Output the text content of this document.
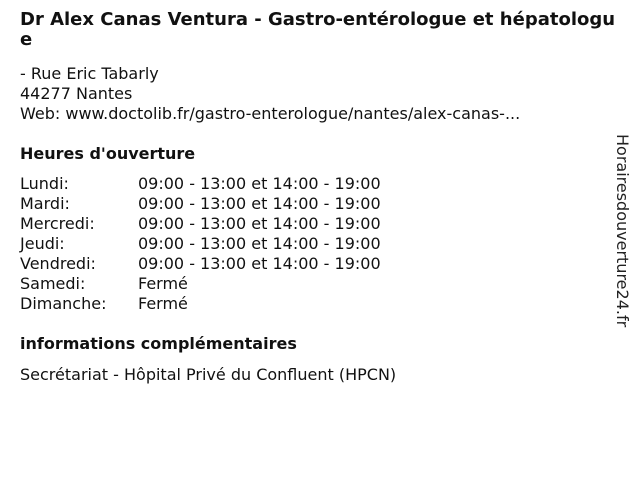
Dr Alex Canas Ventura - Gastro-entérologue et hépatologue
- Rue Eric Tabarly
44277 Nantes
Web: www.doctolib.fr/gastro-enterologue/nantes/alex-canas-...
Heures d'ouverture
Lundi:	09:00 - 13:00 et 14:00 - 19:00
Mardi:	09:00 - 13:00 et 14:00 - 19:00
Mercredi:	09:00 - 13:00 et 14:00 - 19:00
Jeudi:	09:00 - 13:00 et 14:00 - 19:00
Vendredi:	09:00 - 13:00 et 14:00 - 19:00
Samedi:	Fermé
Dimanche: Fermé
informations complémentaires
Secrétariat - Hôpital Privé du Confluent (HPCN)
Horairesdouverture24.fr
